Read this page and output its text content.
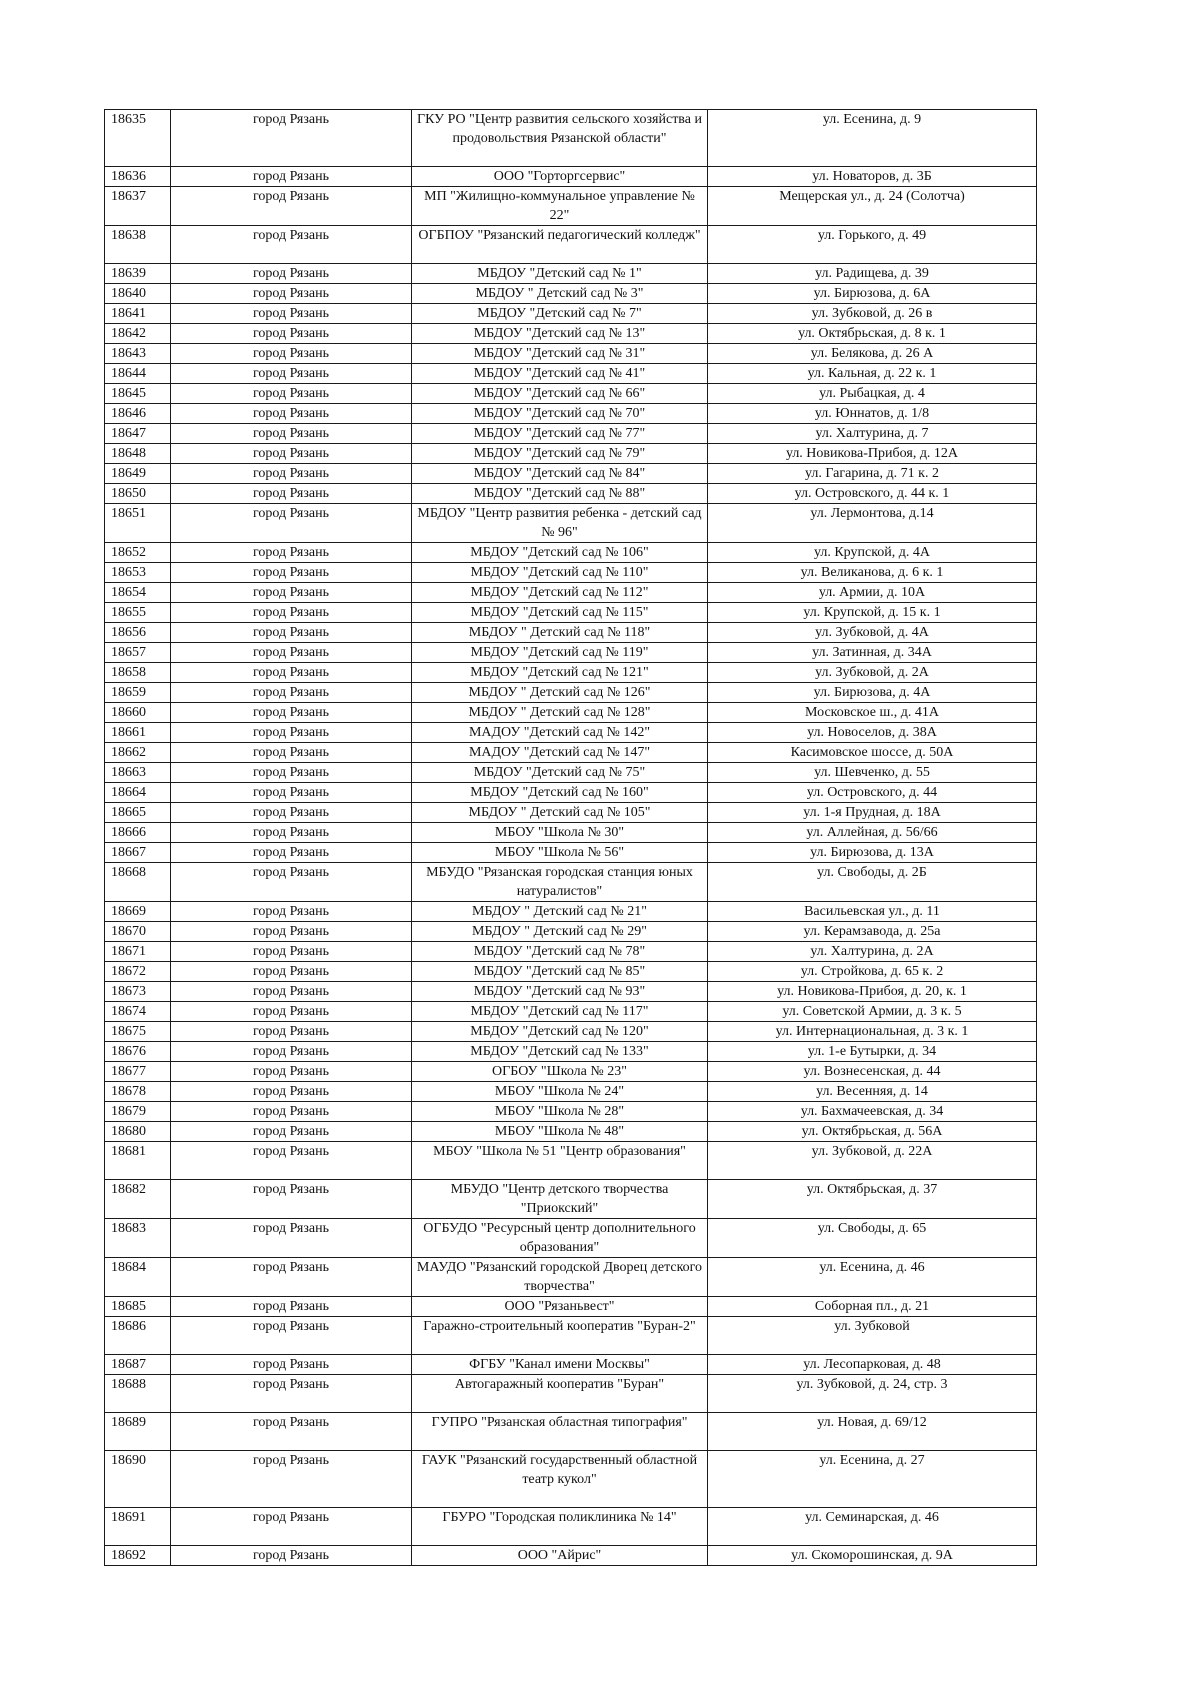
18635	город Рязань	ГКУ РО "Центр развития сельского хозяйства и продовольствия Рязанской области"	ул. Есенина, д. 9
18636	город Рязань	ООО "Горторгсервис"	ул. Новаторов, д. 3Б
18637	город Рязань	МП "Жилищно-коммунальное управление № 22"	Мещерская ул., д. 24 (Солотча)
18638	город Рязань	ОГБПОУ "Рязанский педагогический колледж"	ул. Горького, д. 49
18639	город Рязань	МБДОУ "Детский сад № 1"	ул. Радищева, д. 39
18640	город Рязань	МБДОУ " Детский сад № 3"	ул. Бирюзова, д. 6А
18641	город Рязань	МБДОУ "Детский сад № 7"	ул. Зубковой, д. 26 в
18642	город Рязань	МБДОУ "Детский сад № 13"	ул. Октябрьская, д. 8 к. 1
18643	город Рязань	МБДОУ "Детский сад № 31"	ул. Белякова, д. 26 А
18644	город Рязань	МБДОУ "Детский сад № 41"	ул. Кальная, д. 22 к. 1
18645	город Рязань	МБДОУ "Детский сад № 66"	ул. Рыбацкая, д. 4
18646	город Рязань	МБДОУ "Детский сад № 70"	ул. Юннатов, д. 1/8
18647	город Рязань	МБДОУ "Детский сад № 77"	ул. Халтурина, д. 7
18648	город Рязань	МБДОУ "Детский сад № 79"	ул. Новикова-Прибоя, д. 12А
18649	город Рязань	МБДОУ "Детский сад № 84"	ул. Гагарина, д. 71 к. 2
18650	город Рязань	МБДОУ "Детский сад № 88"	ул. Островского, д. 44 к. 1
18651	город Рязань	МБДОУ "Центр развития ребенка - детский сад № 96"	ул. Лермонтова, д.14
18652	город Рязань	МБДОУ "Детский сад № 106"	ул. Крупской, д. 4А
18653	город Рязань	МБДОУ "Детский сад № 110"	ул. Великанова, д. 6 к. 1
18654	город Рязань	МБДОУ "Детский сад № 112"	ул. Армии, д. 10А
18655	город Рязань	МБДОУ "Детский сад № 115"	ул. Крупской, д. 15 к. 1
18656	город Рязань	МБДОУ " Детский сад № 118"	ул. Зубковой, д. 4А
18657	город Рязань	МБДОУ "Детский сад № 119"	ул. Затинная, д. 34А
18658	город Рязань	МБДОУ "Детский сад № 121"	ул. Зубковой, д. 2А
18659	город Рязань	МБДОУ " Детский сад № 126"	ул. Бирюзова, д. 4А
18660	город Рязань	МБДОУ " Детский сад № 128"	Московское ш., д. 41А
18661	город Рязань	МАДОУ "Детский сад № 142"	ул. Новоселов, д. 38А
18662	город Рязань	МАДОУ "Детский сад № 147"	Касимовское шоссе, д. 50А
18663	город Рязань	МБДОУ "Детский сад № 75"	ул. Шевченко, д. 55
18664	город Рязань	МБДОУ "Детский сад № 160"	ул. Островского, д. 44
18665	город Рязань	МБДОУ " Детский сад № 105"	ул. 1-я Прудная, д. 18А
18666	город Рязань	МБОУ "Школа № 30"	ул. Аллейная, д. 56/66
18667	город Рязань	МБОУ "Школа № 56"	ул. Бирюзова, д. 13А
18668	город Рязань	МБУДО "Рязанская городская станция юных натуралистов"	ул. Свободы, д. 2Б
18669	город Рязань	МБДОУ " Детский сад № 21"	Васильевская ул., д. 11
18670	город Рязань	МБДОУ " Детский сад № 29"	ул. Керамзавода, д. 25а
18671	город Рязань	МБДОУ "Детский сад № 78"	ул. Халтурина, д. 2А
18672	город Рязань	МБДОУ "Детский сад № 85"	ул. Стройкова, д. 65 к. 2
18673	город Рязань	МБДОУ "Детский сад № 93"	ул. Новикова-Прибоя, д. 20, к. 1
18674	город Рязань	МБДОУ "Детский сад № 117"	ул. Советской Армии, д. 3 к. 5
18675	город Рязань	МБДОУ "Детский сад № 120"	ул. Интернациональная, д. 3 к. 1
18676	город Рязань	МБДОУ "Детский сад № 133"	ул. 1-е Бутырки, д. 34
18677	город Рязань	ОГБОУ "Школа № 23"	ул. Вознесенская, д. 44
18678	город Рязань	МБОУ "Школа № 24"	ул. Весенняя, д. 14
18679	город Рязань	МБОУ "Школа № 28"	ул. Бахмачеевская, д. 34
18680	город Рязань	МБОУ "Школа № 48"	ул. Октябрьская, д. 56А
18681	город Рязань	МБОУ "Школа № 51 "Центр образования"	ул. Зубковой, д. 22А
18682	город Рязань	МБУДО "Центр детского творчества "Приокский"	ул. Октябрьская, д. 37
18683	город Рязань	ОГБУДО "Ресурсный центр дополнительного образования"	ул. Свободы, д. 65
18684	город Рязань	МАУДО "Рязанский городской Дворец детского творчества"	ул. Есенина, д. 46
18685	город Рязань	ООО "Рязаньвест"	Соборная пл., д. 21
18686	город Рязань	Гаражно-строительный кооператив "Буран-2"	ул. Зубковой
18687	город Рязань	ФГБУ "Канал имени Москвы"	ул. Лесопарковая, д. 48
18688	город Рязань	Автогаражный кооператив "Буран"	ул. Зубковой, д. 24, стр. 3
18689	город Рязань	ГУПРО "Рязанская областная типография"	ул. Новая, д. 69/12
18690	город Рязань	ГАУК "Рязанский государственный областной театр кукол"	ул. Есенина, д. 27
18691	город Рязань	ГБУРО "Городская поликлиника № 14"	ул. Семинарская, д. 46
18692	город Рязань	ООО "Айрис"	ул. Скоморошинская, д. 9А
